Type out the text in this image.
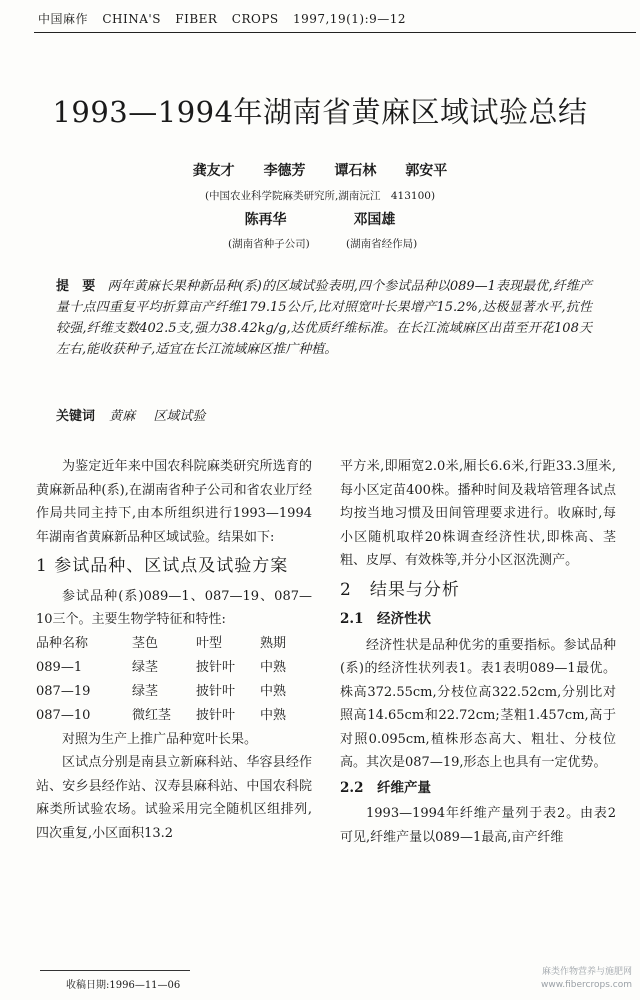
中国麻作 CHINA'S FIBER CROPS 1997,19(1):9—12
1993—1994年湖南省黄麻区域试验总结
龚友才 李德芳 谭石林 郭安平
(中国农业科学院麻类研究所,湖南沅江　413100)
陈再华	邓国雄
(湖南省种子公司)	(湖南省经作局)
提　要 两年黄麻长果种新品种(系)的区域试验表明,四个参试品种以089—1表现最优,纤维产量十点四重复平均折算亩产纤维179.15公斤,比对照宽叶长果增产15.2%,达极显著水平,抗性较强,纤维支数402.5支,强力38.42kg/g,达优质纤维标准。在长江流域麻区出苗至开花108天左右,能收获种子,适宜在长江流域麻区推广种植。
关键词 黄麻 区域试验

为鉴定近年来中国农科院麻类研究所选育的黄麻新品种(系),在湖南省种子公司和省农业厅经作局共同主持下,由本所组织进行1993—1994年湖南省黄麻新品种区域试验。结果如下:

1 参试品种、区试点及试验方案

参试品种(系)089—1、087—19、087—10三个。主要生物学特征和特性:

品种名称	茎色	叶型	熟期
089—1	绿茎	披针叶	中熟
087—19	绿茎	披针叶	中熟
087—10	微红茎	披针叶	中熟

对照为生产上推广品种宽叶长果。

区试点分别是南县立新麻科站、华容县经作站、安乡县经作站、汉寿县麻科站、中国农科院麻类所试验农场。试验采用完全随机区组排列,四次重复,小区面积13.2

平方米,即厢宽2.0米,厢长6.6米,行距33.3厘米,每小区定苗400株。播种时间及栽培管理各试点均按当地习惯及田间管理要求进行。收麻时,每小区随机取样20株调查经济性状,即株高、茎粗、皮厚、有效株等,并分小区沤洗测产。

2　结果与分析
2.1　经济性状

经济性状是品种优劣的重要指标。参试品种(系)的经济性状列表1。表1表明089—1最优。株高372.55cm,分枝位高322.52cm,分别比对照高14.65cm和22.72cm;茎粗1.457cm,高于对照0.095cm,植株形态高大、粗壮、分枝位高。其次是087—19,形态上也具有一定优势。

2.2　纤维产量

1993—1994年纤维产量列于表2。由表2可见,纤维产量以089—1最高,亩产纤维

收稿日期:1996—11—06
麻类作物营养与施肥网
www.fibercrops.com
